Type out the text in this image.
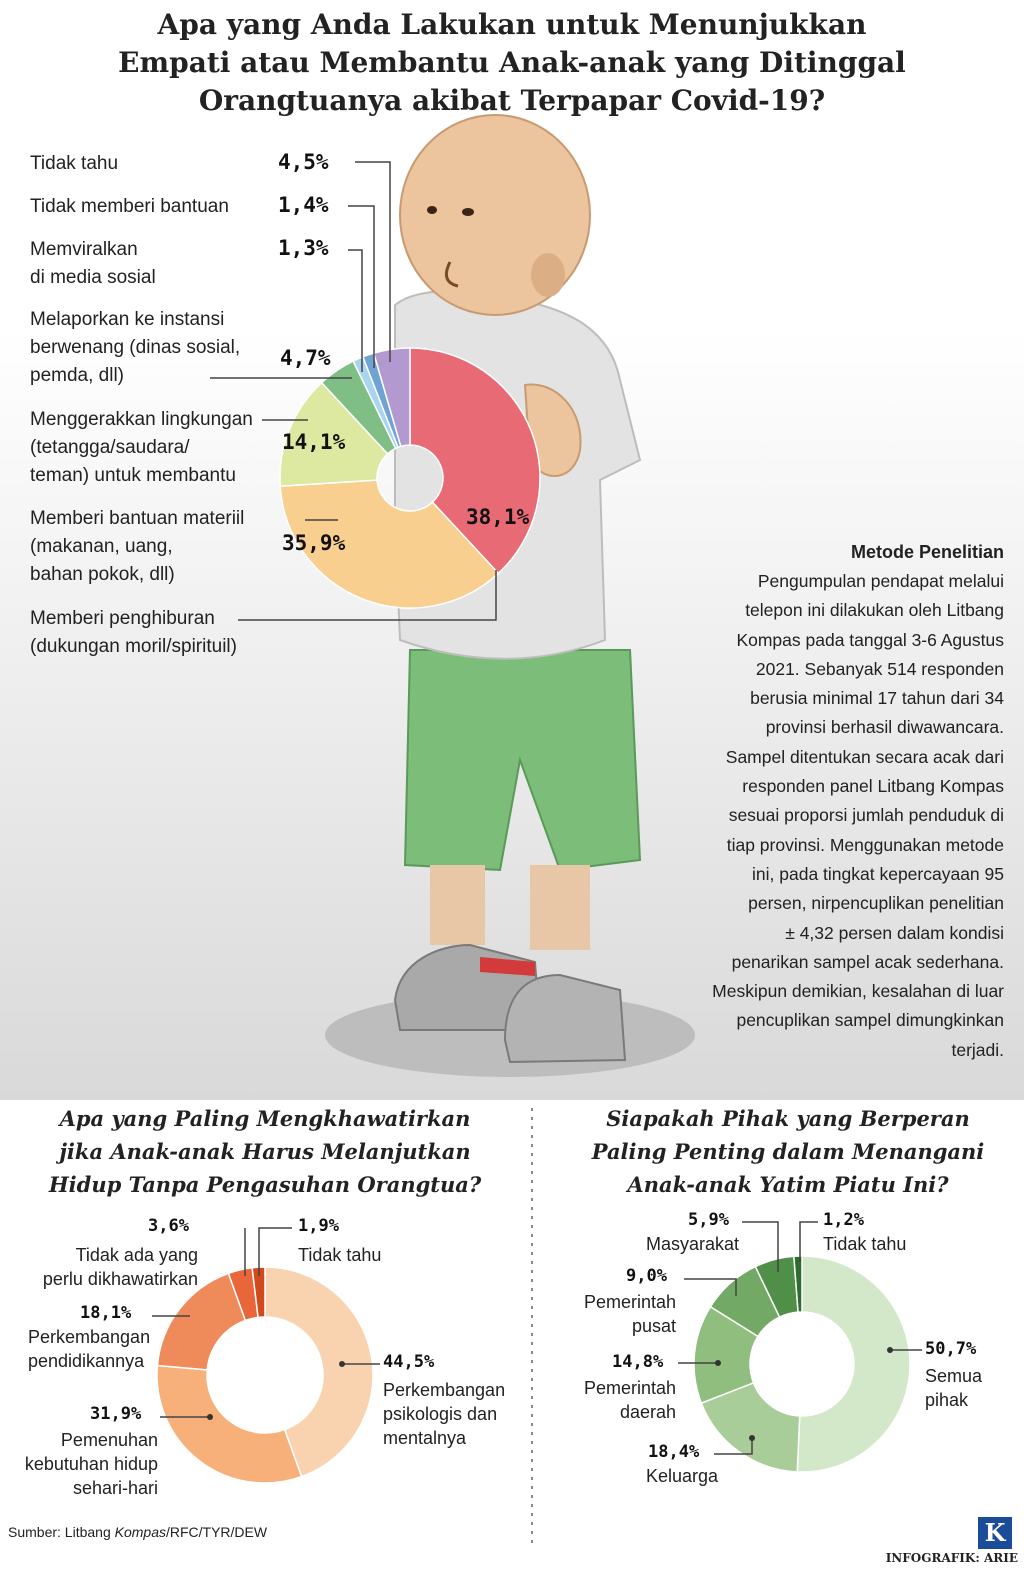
Apa yang Anda Lakukan untuk Menunjukkan
Empati atau Membantu Anak-anak yang Ditinggal
Orangtuanya akibat Terpapar Covid-19?
Tidak tahu	4,5%
Tidak memberi bantuan 1,4%
Memviralkan
di media sosial
1,3%
Melaporkan ke instansi
berwenang (dinas sosial,
pemda, dll)
4,7%
Menggerakkan lingkungan
(tetangga/saudara/
teman) untuk membantu
14,1%
Memberi bantuan materiil
(makanan, uang,
bahan pokok, dll)
35,9%
Memberi penghiburan
(dukungan moril/spirituil)
38,1%
Metode Penelitian

Pengumpulan pendapat melalui

telepon ini dilakukan oleh Litbang

Kompas pada tanggal 3-6 Agustus

2021. Sebanyak 514 responden

berusia minimal 17 tahun dari 34

provinsi berhasil diwawancara.

Sampel ditentukan secara acak dari

responden panel Litbang Kompas

sesuai proporsi jumlah penduduk di

tiap provinsi. Menggunakan metode

ini, pada tingkat kepercayaan 95

persen, nirpencuplikan penelitian

± 4,32 persen dalam kondisi

penarikan sampel acak sederhana.

Meskipun demikian, kesalahan di luar

pencuplikan sampel dimungkinkan

terjadi.

Apa yang Paling Mengkhawatirkan
jika Anak-anak Harus Melanjutkan
Hidup Tanpa Pengasuhan Orangtua?
3,6%
Tidak ada yang
perlu dikhawatirkan
1,9%
Tidak tahu
18,1%
Perkembangan
pendidikannya	44,5%
Perkembangan
psikologis dan
mentalnya
31,9%
Pemenuhan
kebutuhan hidup
sehari-hari
Siapakah Pihak yang Berperan
Paling Penting dalam Menangani
Anak-anak Yatim Piatu Ini?
5,9%
Masyarakat
1,2%
Tidak tahu
9,0%
Pemerintah
pusat
14,8%
Pemerintah
daerah
18,4%
Keluarga
50,7%
Semua
pihak
Sumber: Litbang Kompas/RFC/TYR/DEW	K
INFOGRAFIK: ARIE
